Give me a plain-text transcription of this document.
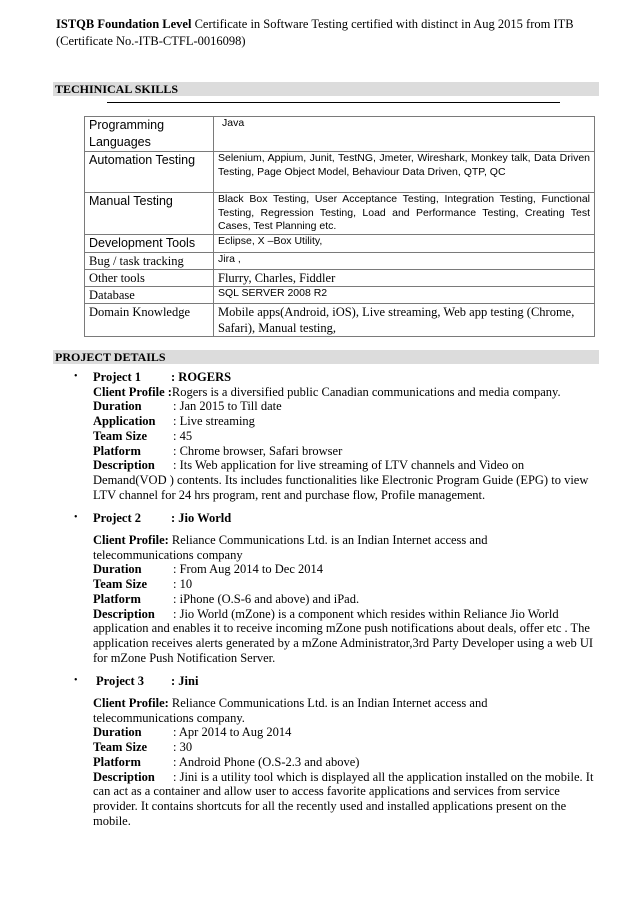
ISTQB Foundation Level Certificate in Software Testing certified with distinct in Aug 2015 from ITB
(Certificate No.-ITB-CTFL-0016098)
TECHINICAL SKILLS
Programming Languages	Java
Automation Testing	Selenium, Appium, Junit, TestNG, Jmeter, Wireshark, Monkey talk, Data Driven Testing, Page Object Model, Behaviour Data Driven, QTP, QC
Manual Testing	Black Box Testing, User Acceptance Testing, Integration Testing, Functional Testing, Regression Testing, Load and Performance Testing, Creating Test Cases, Test Planning etc.
Development Tools	Eclipse, X –Box Utility,
Bug / task tracking	Jira ,
Other tools	Flurry, Charles, Fiddler
Database	SQL SERVER 2008 R2
Domain Knowledge	Mobile apps(Android, iOS), Live streaming, Web app testing (Chrome, Safari), Manual testing,
PROJECT DETAILS
• Project 1	: ROGERS
Client Profile : Rogers is a diversified public Canadian communications and media company.
Duration	: Jan 2015 to Till date
Application	: Live streaming
Team Size	: 45
Platform	: Chrome browser, Safari browser
Description : Its Web application for live streaming of LTV channels and Video on Demand(VOD ) contents. Its includes functionalities like Electronic Program Guide (EPG) to view LTV channel for 24 hrs program, rent and purchase flow, Profile management.
• Project 2	: Jio World
Client Profile: Reliance Communications Ltd. is an Indian Internet access and telecommunications company
Duration	: From Aug 2014 to Dec 2014
Team Size	: 10
Platform	: iPhone (O.S-6 and above) and iPad.
Description : Jio World (mZone) is a component which resides within Reliance Jio World application and enables it to receive incoming mZone push notifications about deals, offer etc . The application receives alerts generated by a mZone Administrator,3rd Party Developer using a web UI for mZone Push Notification Server.
• Project 3	: Jini
Client Profile: Reliance Communications Ltd. is an Indian Internet access and telecommunications company.
Duration	: Apr 2014 to Aug 2014
Team Size	: 30
Platform	: Android Phone (O.S-2.3 and above)
Description : Jini is a utility tool which is displayed all the application installed on the mobile. It can act as a container and allow user to access favorite applications and services from service provider. It contains shortcuts for all the recently used and installed applications present on the mobile.
